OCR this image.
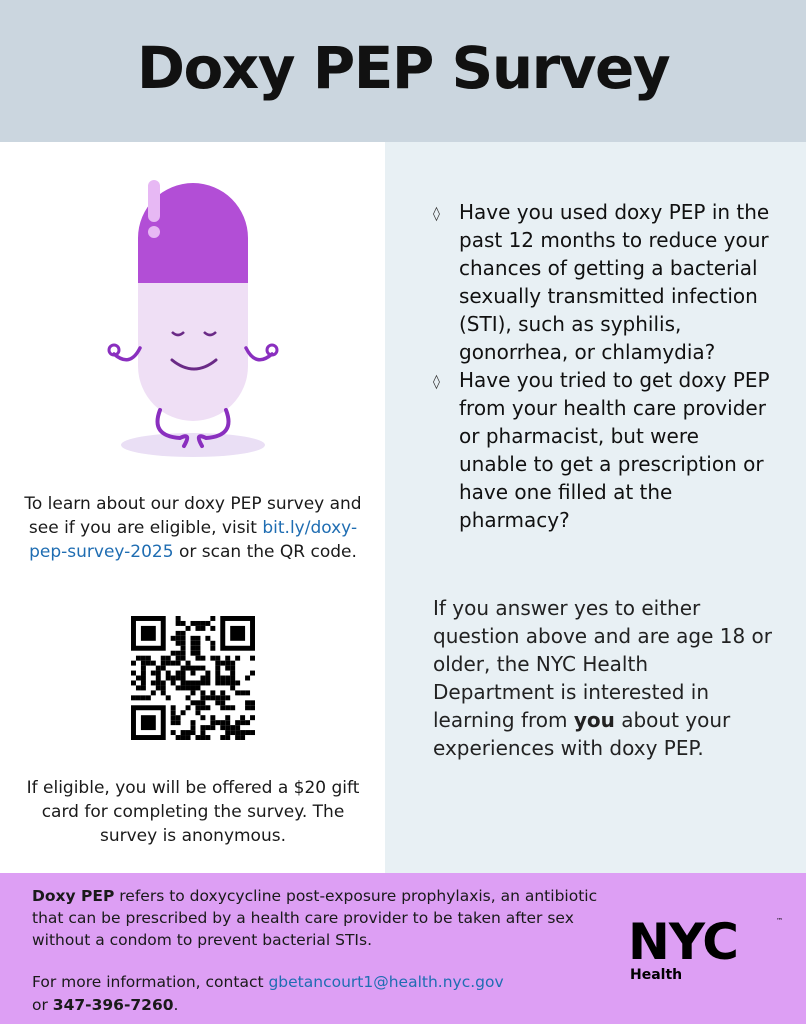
Doxy PEP Survey
To learn about our doxy PEP survey and see if you are eligible, visit bit.ly/doxy-pep-survey-2025 or scan the QR code.
If eligible, you will be offered a $20 gift card for completing the survey. The survey is anonymous.
◊ Have you used doxy PEP in the past 12 months to reduce your chances of getting a bacterial sexually transmitted infection (STI), such as syphilis, gonorrhea, or chlamydia?
◊ Have you tried to get doxy PEP from your health care provider or pharmacist, but were unable to get a prescription or have one filled at the pharmacy?
If you answer yes to either question above and are age 18 or older, the NYC Health Department is interested in learning from you about your experiences with doxy PEP.
Doxy PEP refers to doxycycline post-exposure prophylaxis, an antibiotic that can be prescribed by a health care provider to be taken after sex without a condom to prevent bacterial STIs.
For more information, contact gbetancourt1@health.nyc.gov
or 347-396-7260.
NYC	™
Health
